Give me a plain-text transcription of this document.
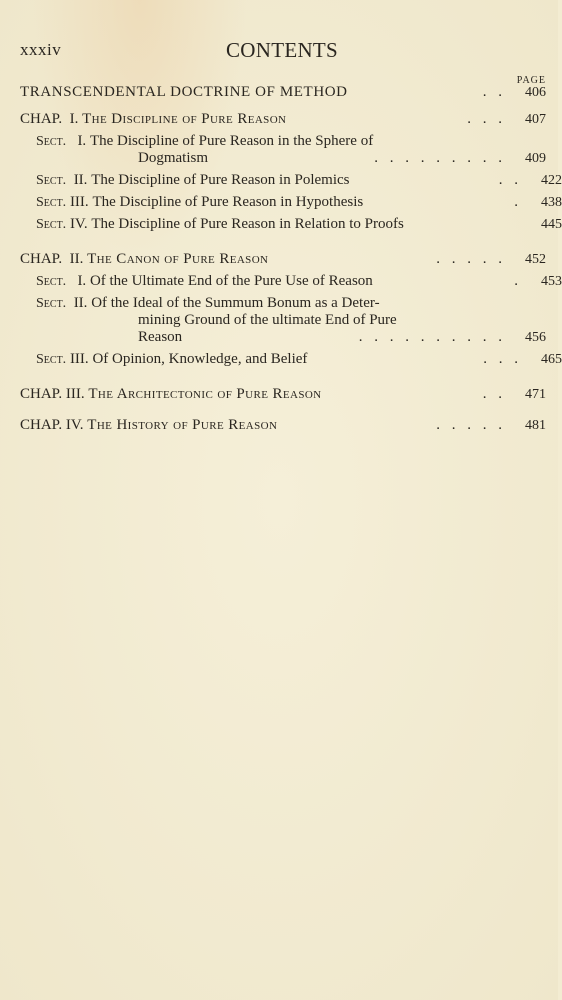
xxxiv	CONTENTS
PAGE
TRANSCENDENTAL DOCTRINE OF METHOD	. .	406
CHAP. I. The Discipline of Pure Reason	. . .	407
Sect. I. The Discipline of Pure Reason in the Sphere of
Dogmatism	. . . . . . . . .	409
Sect. II. The Discipline of Pure Reason in Polemics	. .	422
Sect. III. The Discipline of Pure Reason in Hypothesis	.	438
Sect. IV. The Discipline of Pure Reason in Relation to Proofs	445
CHAP. II. The Canon of Pure Reason	. . . . .	452
Sect. I. Of the Ultimate End of the Pure Use of Reason	.	453
Sect. II. Of the Ideal of the Summum Bonum as a Deter-
mining Ground of the ultimate End of Pure
Reason	. . . . . . . . . .	456
Sect. III. Of Opinion, Knowledge, and Belief	. . .	465
CHAP. III. The Architectonic of Pure Reason	. .	471
CHAP. IV. The History of Pure Reason	. . . . .	481
